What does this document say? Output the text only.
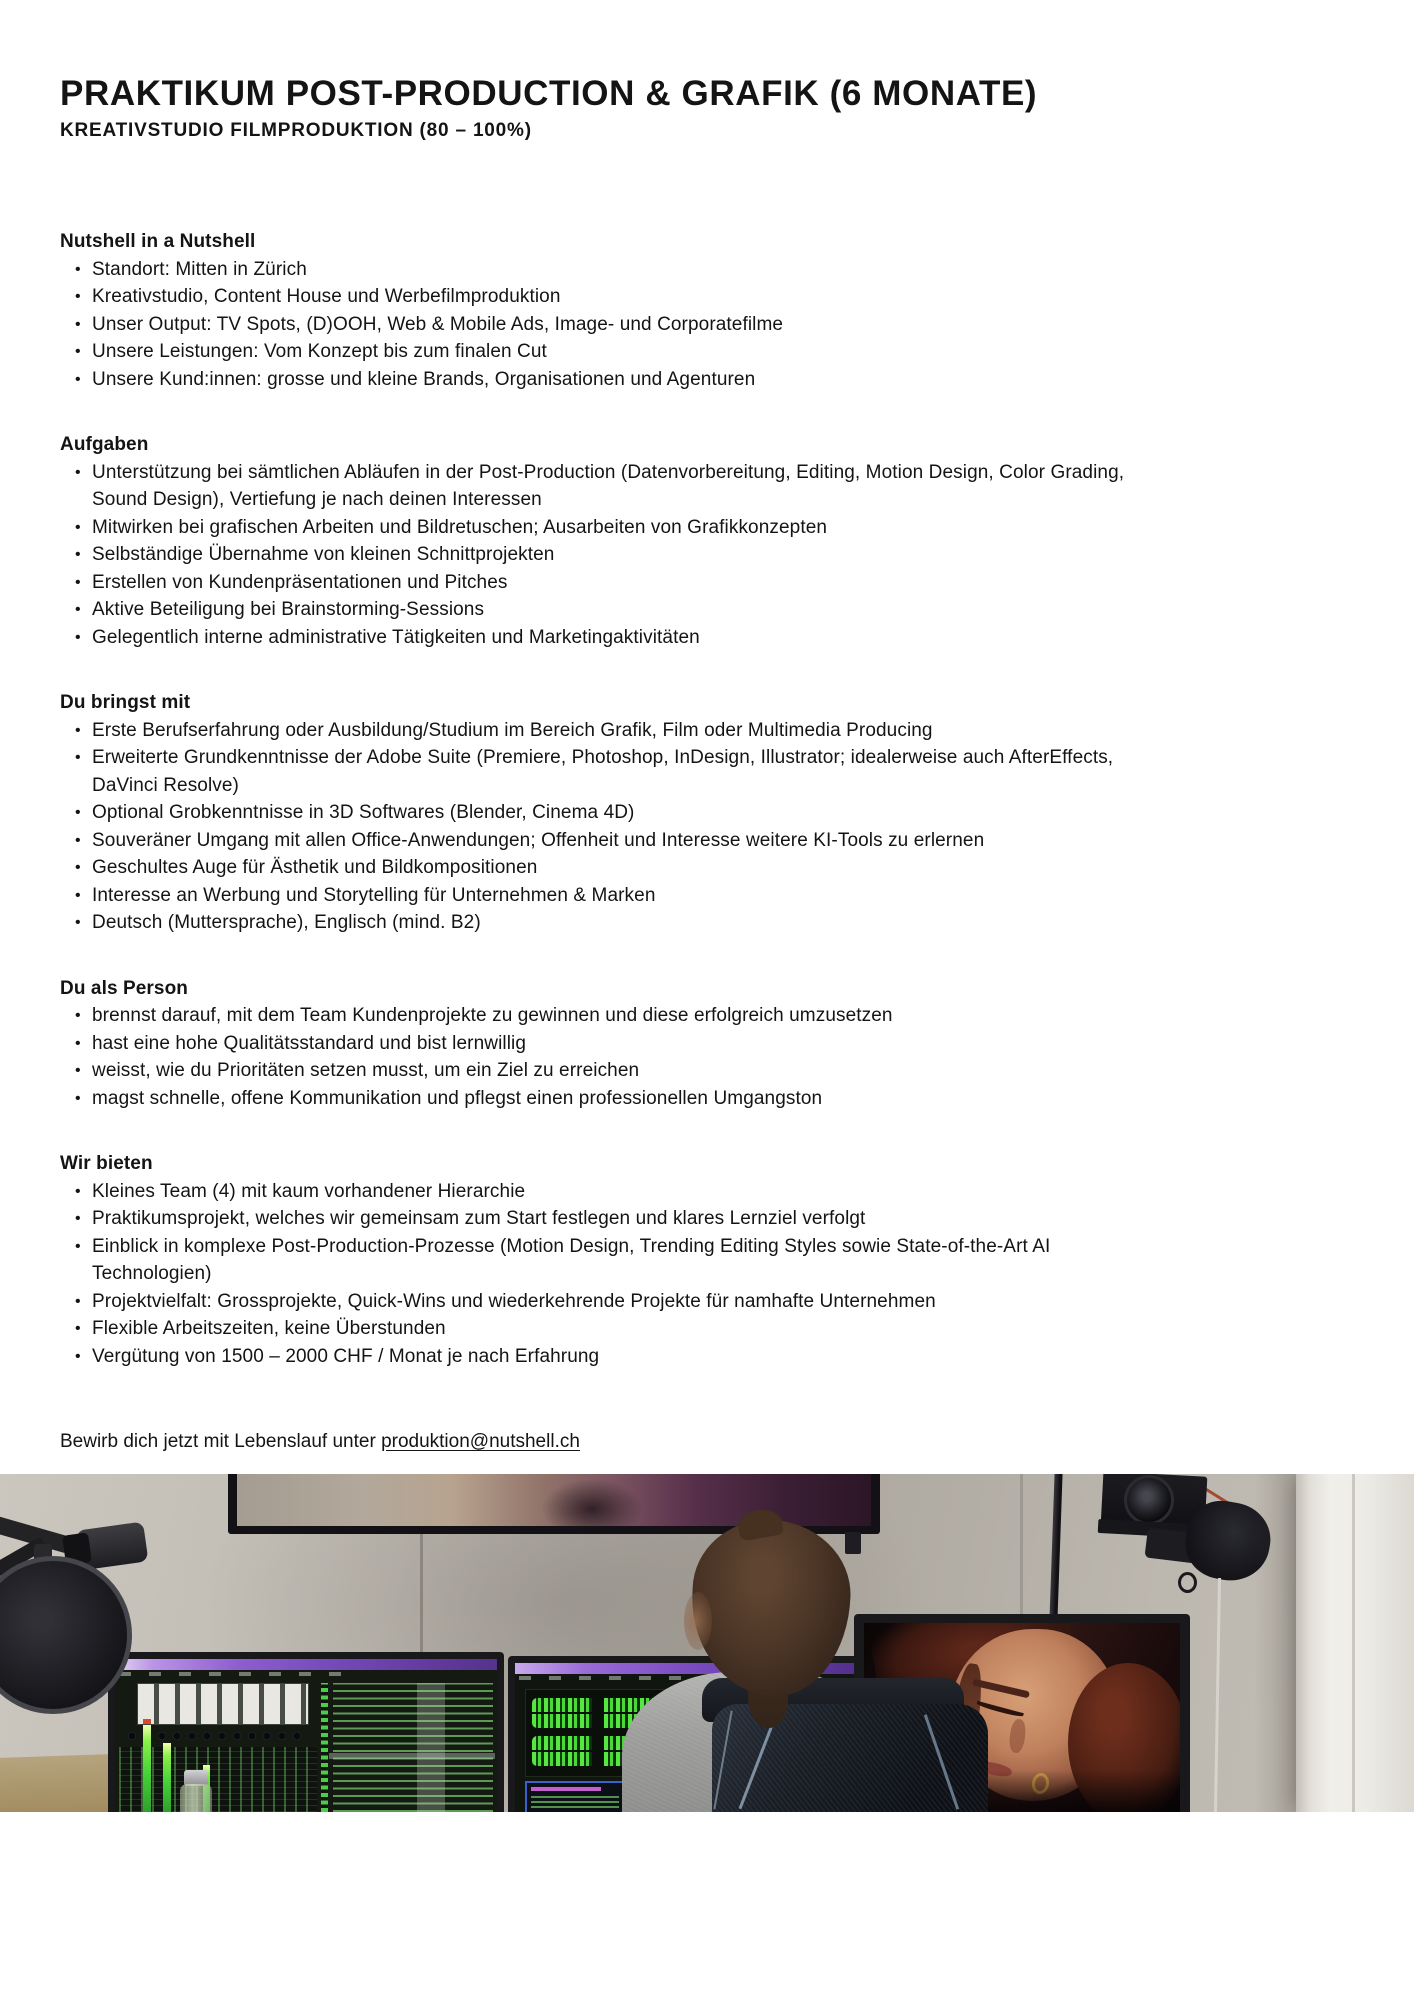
PRAKTIKUM POST-PRODUCTION & GRAFIK (6 MONATE)

KREATIVSTUDIO FILMPRODUKTION (80 – 100%)

Nutshell in a Nutshell
• Standort: Mitten in Zürich
• Kreativstudio, Content House und Werbefilmproduktion
• Unser Output: TV Spots, (D)OOH, Web & Mobile Ads, Image- und Corporatefilme
• Unsere Leistungen: Vom Konzept bis zum finalen Cut
• Unsere Kund:innen: grosse und kleine Brands, Organisationen und Agenturen
Aufgaben
• Unterstützung bei sämtlichen Abläufen in der Post-Production (Datenvorbereitung, Editing, Motion Design, Color Grading, Sound Design), Vertiefung je nach deinen Interessen
• Mitwirken bei grafischen Arbeiten und Bildretuschen; Ausarbeiten von Grafikkonzepten
• Selbständige Übernahme von kleinen Schnittprojekten
• Erstellen von Kundenpräsentationen und Pitches
• Aktive Beteiligung bei Brainstorming-Sessions
• Gelegentlich interne administrative Tätigkeiten und Marketingaktivitäten
Du bringst mit
• Erste Berufserfahrung oder Ausbildung/Studium im Bereich Grafik, Film oder Multimedia Producing
• Erweiterte Grundkenntnisse der Adobe Suite (Premiere, Photoshop, InDesign, Illustrator; idealerweise auch AfterEffects, DaVinci Resolve)
• Optional Grobkenntnisse in 3D Softwares (Blender, Cinema 4D)
• Souveräner Umgang mit allen Office-Anwendungen; Offenheit und Interesse weitere KI-Tools zu erlernen
• Geschultes Auge für Ästhetik und Bildkompositionen
• Interesse an Werbung und Storytelling für Unternehmen & Marken
• Deutsch (Muttersprache), Englisch (mind. B2)
Du als Person
• brennst darauf, mit dem Team Kundenprojekte zu gewinnen und diese erfolgreich umzusetzen
• hast eine hohe Qualitätsstandard und bist lernwillig
• weisst, wie du Prioritäten setzen musst, um ein Ziel zu erreichen
• magst schnelle, offene Kommunikation und pflegst einen professionellen Umgangston
Wir bieten
• Kleines Team (4) mit kaum vorhandener Hierarchie
• Praktikumsprojekt, welches wir gemeinsam zum Start festlegen und klares Lernziel verfolgt
• Einblick in komplexe Post-Production-Prozesse (Motion Design, Trending Editing Styles sowie State-of-the-Art AI Technologien)
• Projektvielfalt: Grossprojekte, Quick-Wins und wiederkehrende Projekte für namhafte Unternehmen
• Flexible Arbeitszeiten, keine Überstunden
• Vergütung von 1500 – 2000 CHF / Monat je nach Erfahrung

Bewirb dich jetzt mit Lebenslauf unter produktion@nutshell.ch
